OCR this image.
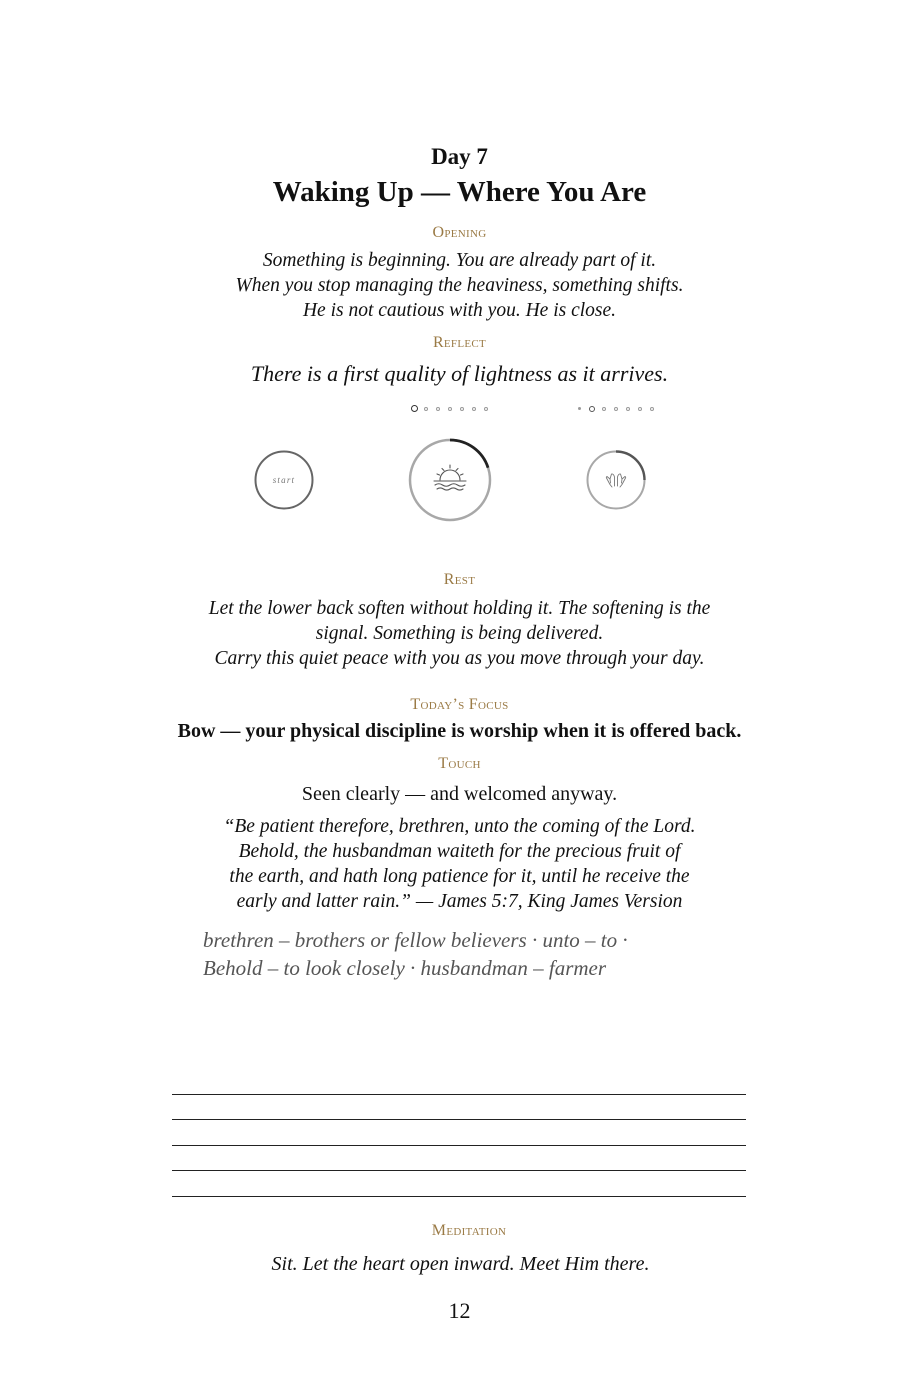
Day 7
Waking Up — Where You Are
Opening
Something is beginning. You are already part of it.
When you stop managing the heaviness, something shifts.
He is not cautious with you. He is close.
Reflect
There is a first quality of lightness as it arrives.
start
Rest
Let the lower back soften without holding it. The softening is the
signal. Something is being delivered.
Carry this quiet peace with you as you move through your day.
Today’s Focus
Bow — your physical discipline is worship when it is offered back.
Touch
Seen clearly — and welcomed anyway.
“Be patient therefore, brethren, unto the coming of the Lord.
Behold, the husbandman waiteth for the precious fruit of
the earth, and hath long patience for it, until he receive the
early and latter rain.” — James 5:7, King James Version
brethren – brothers or fellow believers · unto – to ·
Behold – to look closely · husbandman – farmer
Meditation
Sit. Let the heart open inward. Meet Him there.
12
